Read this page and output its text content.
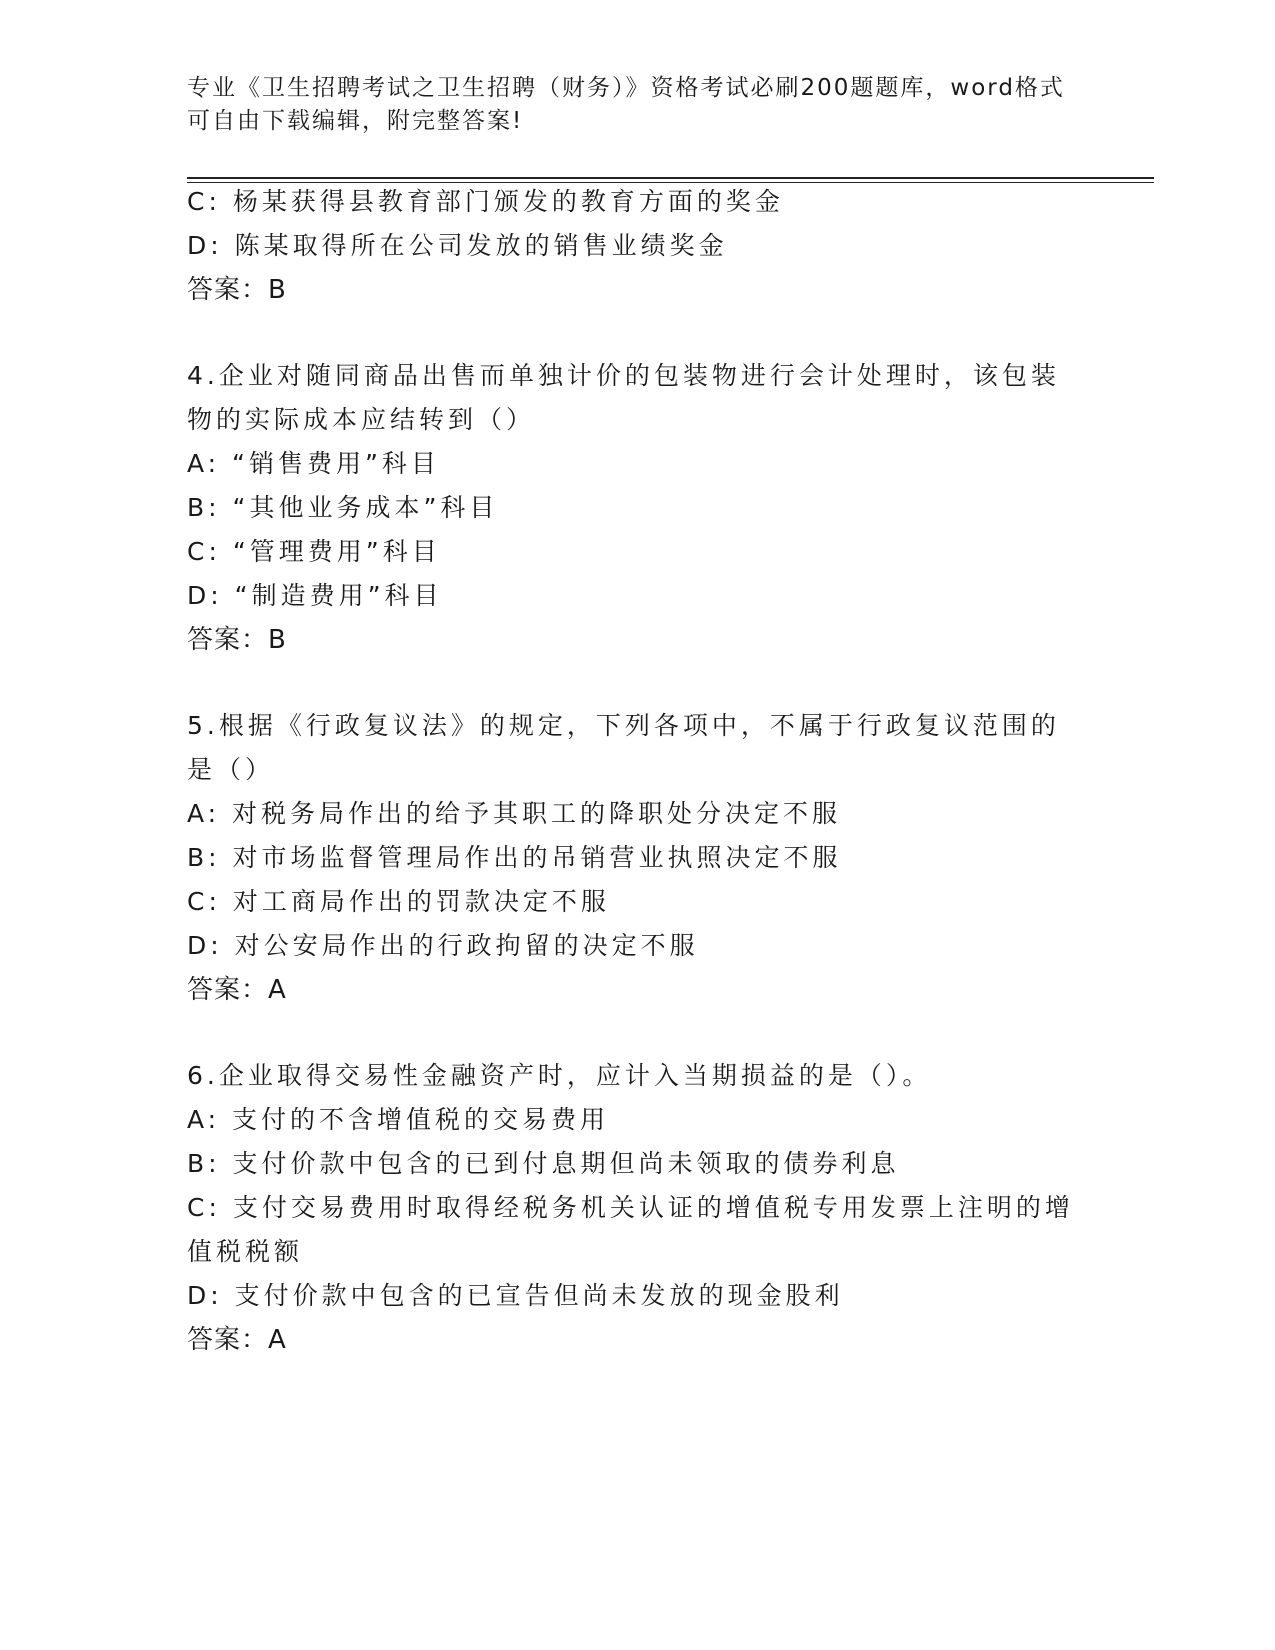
专业《卫生招聘考试之卫生招聘（财务）》资格考试必刷200题题库，word格式
可自由下载编辑，附完整答案!
C: 杨某获得县教育部门颁发的教育方面的奖金
D: 陈某取得所在公司发放的销售业绩奖金
答案：B
4.企业对随同商品出售而单独计价的包装物进行会计处理时，该包装
物的实际成本应结转到（）
A: “销售费用”科目
B: “其他业务成本”科目
C: “管理费用”科目
D: “制造费用”科目
答案：B
5.根据《行政复议法》的规定，下列各项中，不属于行政复议范围的
是（）
A: 对税务局作出的给予其职工的降职处分决定不服
B: 对市场监督管理局作出的吊销营业执照决定不服
C: 对工商局作出的罚款决定不服
D: 对公安局作出的行政拘留的决定不服
答案：A
6.企业取得交易性金融资产时，应计入当期损益的是（）。
A: 支付的不含增值税的交易费用
B: 支付价款中包含的已到付息期但尚未领取的债券利息
C: 支付交易费用时取得经税务机关认证的增值税专用发票上注明的增
值税税额
D: 支付价款中包含的已宣告但尚未发放的现金股利
答案：A
